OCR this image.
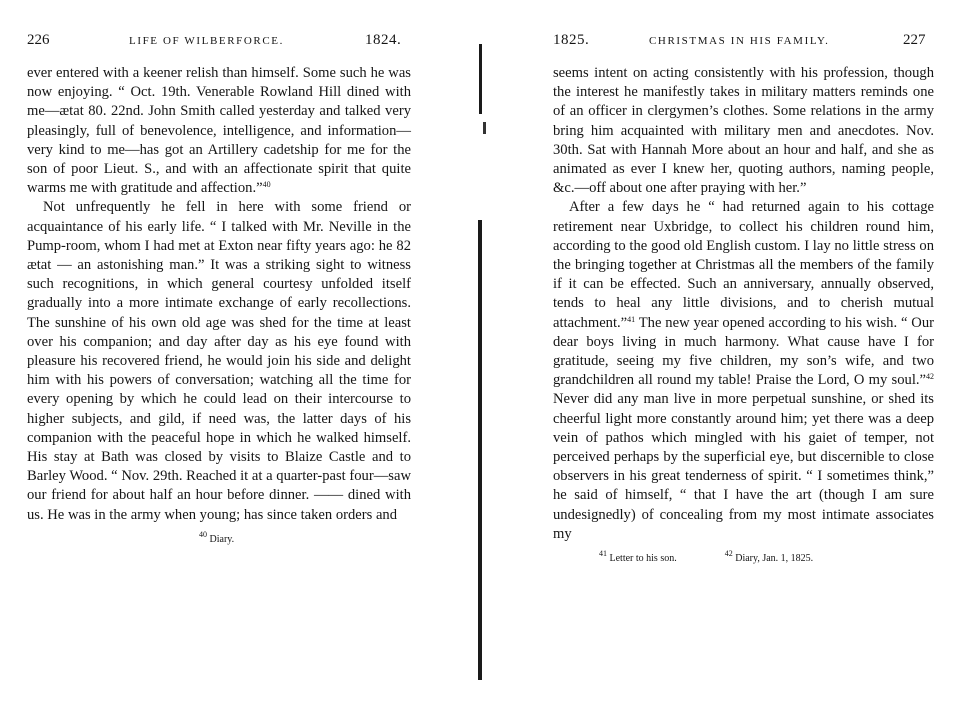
226	LIFE OF WILBERFORCE.	1824.

ever entered with a keener relish than himself. Some such he was now enjoying. “ Oct. 19th. Venerable Rowland Hill dined with me—ætat 80. 22nd. John Smith called yesterday and talked very pleasingly, full of benevolence, intelligence, and information—very kind to me—has got an Artillery cadetship for me for the son of poor Lieut. S., and with an affectionate spirit that quite warms me with gratitude and affection.”$^{40}$

Not unfrequently he fell in here with some friend or acquaintance of his early life. “ I talked with Mr. Neville in the Pump-room, whom I had met at Exton near fifty years ago: he 82 ætat — an astonishing man.” It was a striking sight to witness such recognitions, in which general courtesy unfolded itself gradually into a more intimate exchange of early recollections. The sunshine of his own old age was shed for the time at least over his companion; and day after day as his eye found with pleasure his recovered friend, he would join his side and delight him with his powers of conversation; watching all the time for every opening by which he could lead on their intercourse to higher subjects, and gild, if need was, the latter days of his companion with the peaceful hope in which he walked himself. His stay at Bath was closed by visits to Blaize Castle and to Barley Wood. “ Nov. 29th. Reached it at a quarter-past four—saw our friend for about half an hour before dinner. —— dined with us. He was in the army when young; has since taken orders and

$^{40}$ Diary.
1825.	CHRISTMAS IN HIS FAMILY.	227

seems intent on acting consistently with his profession, though the interest he manifestly takes in military matters reminds one of an officer in clergymen’s clothes. Some relations in the army bring him acquainted with military men and anecdotes. Nov. 30th. Sat with Hannah More about an hour and half, and she as animated as ever I knew her, quoting authors, naming people, &c.—off about one after praying with her.”

After a few days he “ had returned again to his cottage retirement near Uxbridge, to collect his children round him, according to the good old English custom. I lay no little stress on the bringing together at Christmas all the members of the family if it can be effected. Such an anniversary, annually observed, tends to heal any little divisions, and to cherish mutual attachment.”$^{41}$ The new year opened according to his wish. “ Our dear boys living in much harmony. What cause have I for gratitude, seeing my five children, my son’s wife, and two grandchildren all round my table! Praise the Lord, O my soul.”$^{42}$ Never did any man live in more perpetual sunshine, or shed its cheerful light more constantly around him; yet there was a deep vein of pathos which mingled with his gaiet of temper, not perceived perhaps by the superficial eye, but discernible to close observers in his great tenderness of spirit. “ I sometimes think,” he said of himself, “ that I have the art (though I am sure undesignedly) of concealing from my most intimate associates my

$^{41}$ Letter to his son.	$^{42}$ Diary, Jan. 1, 1825.
